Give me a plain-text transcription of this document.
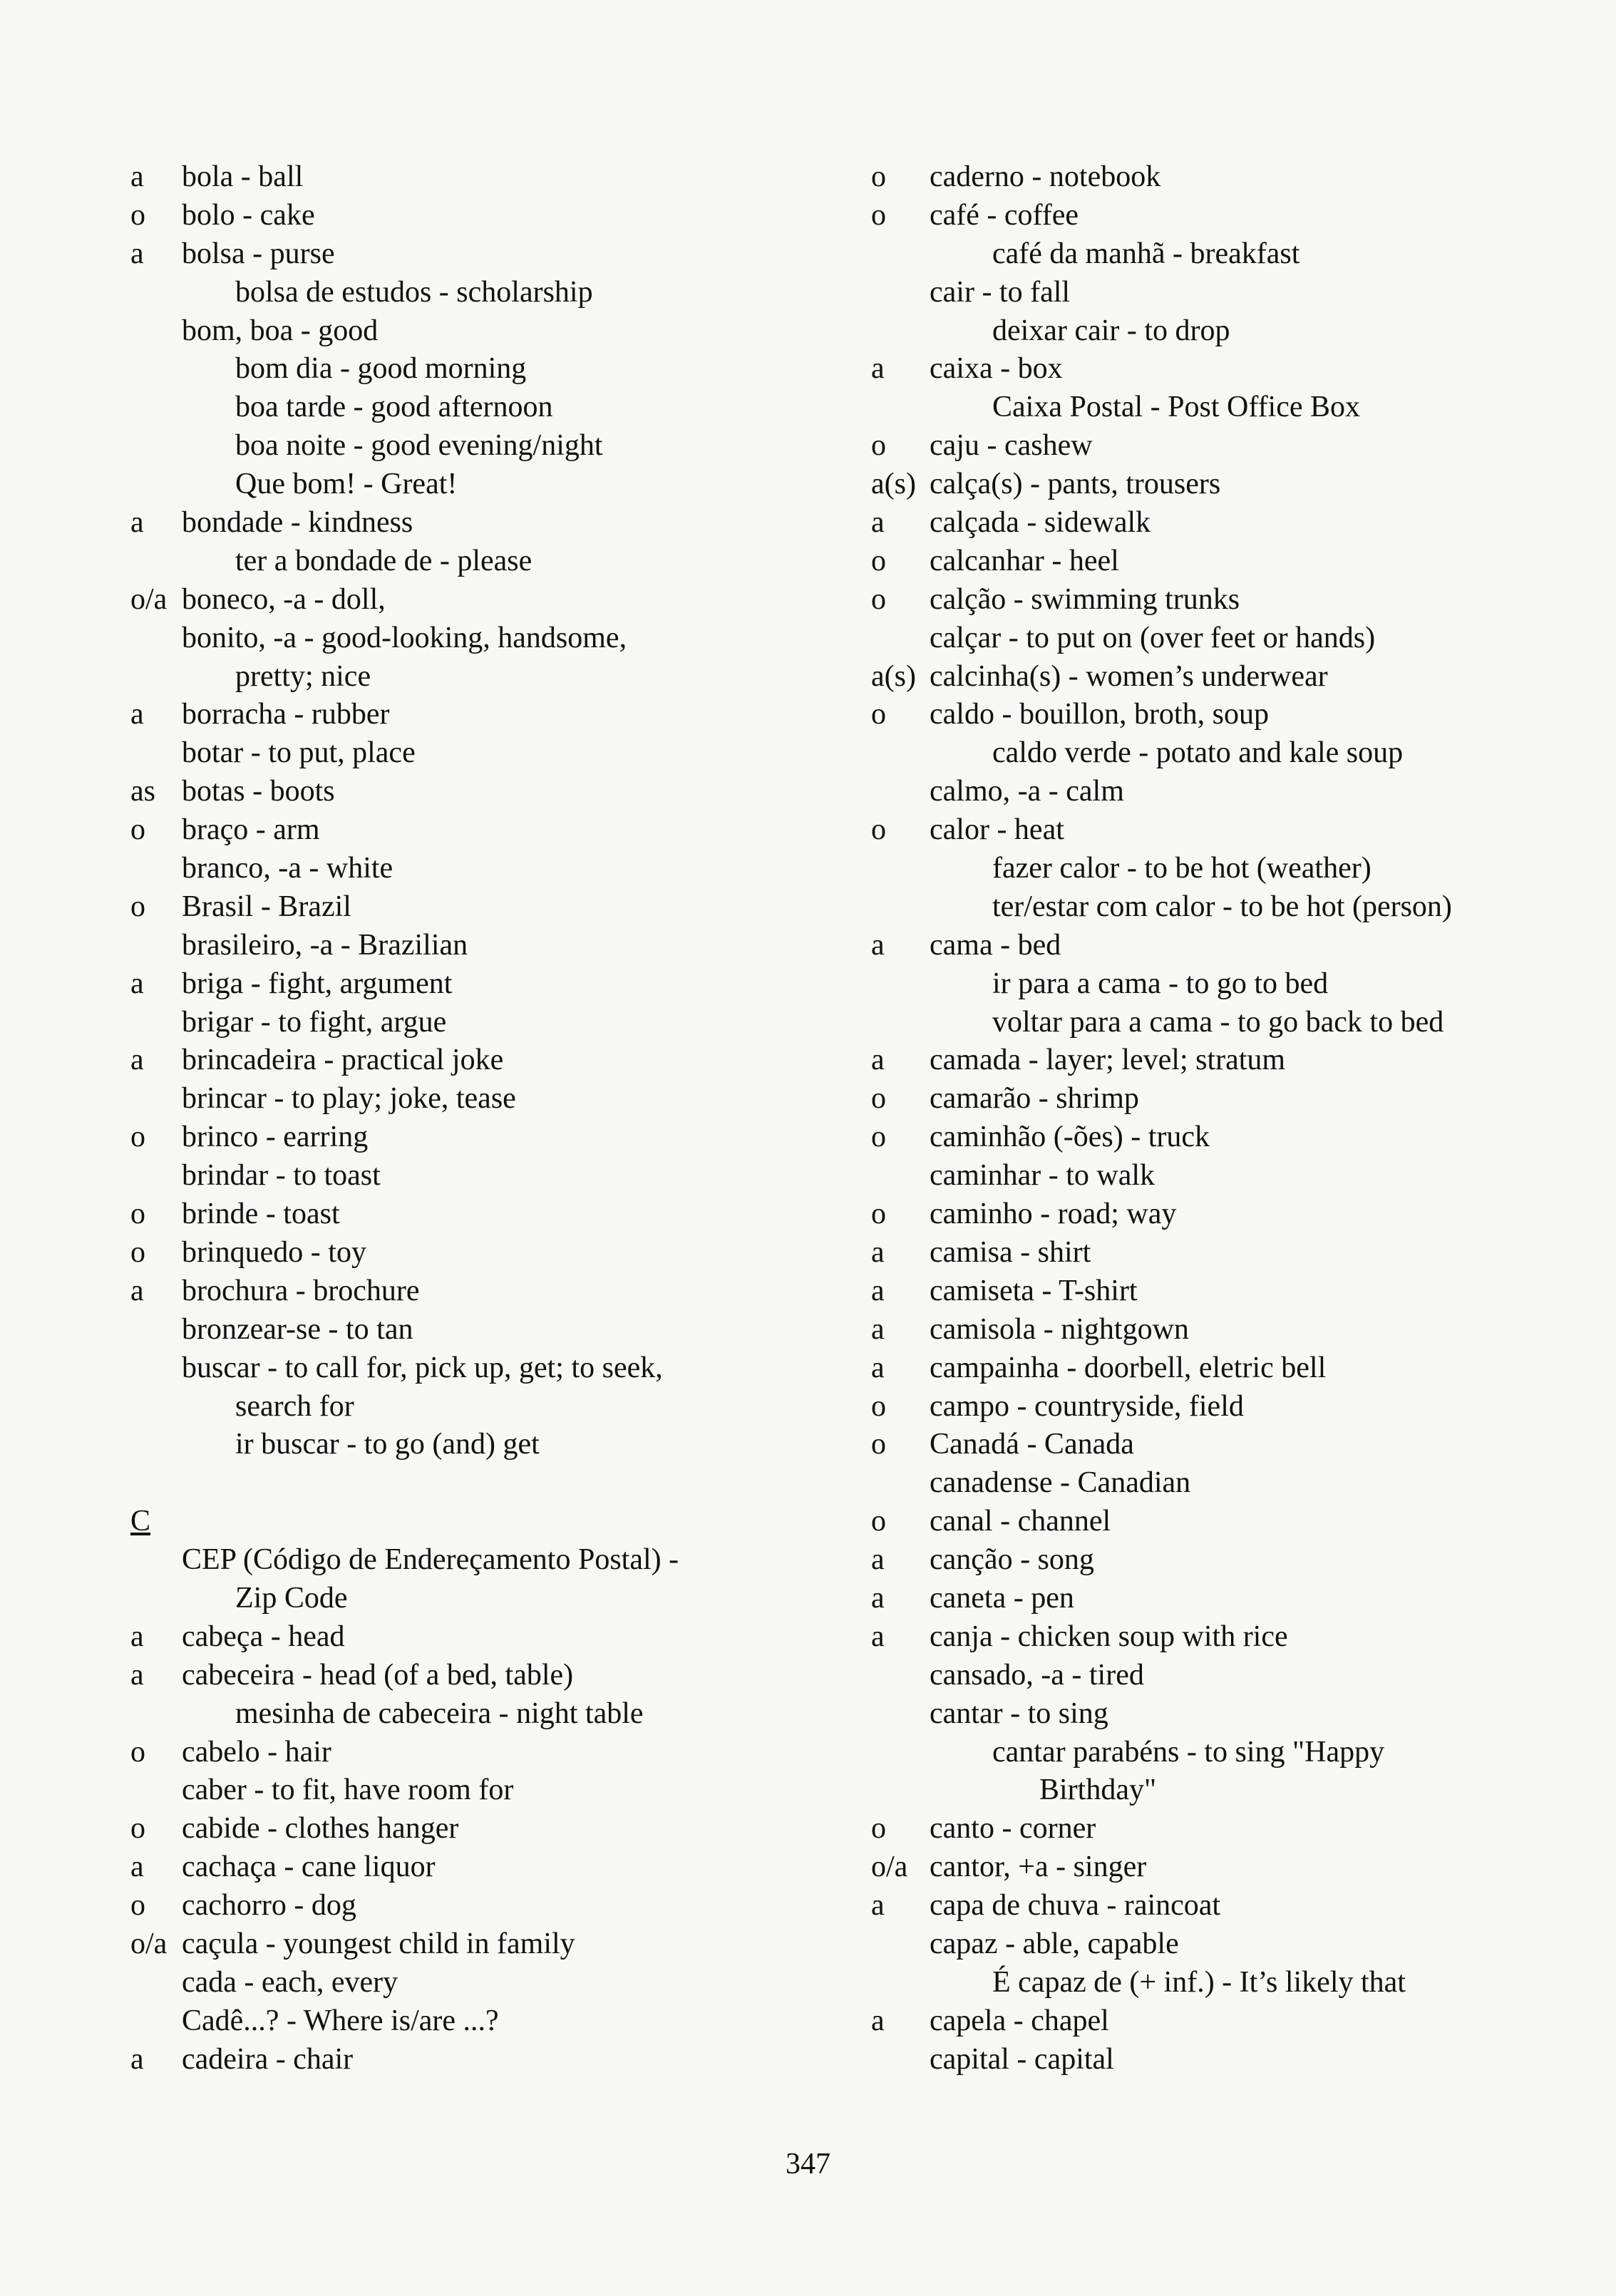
a bola - ball
o bolo - cake
a bolsa - purse
bolsa de estudos - scholarship
bom, boa - good
bom dia - good morning
boa tarde - good afternoon
boa noite - good evening/night
Que bom! - Great!
a bondade - kindness
ter a bondade de - please
o/a boneco, -a - doll,
bonito, -a - good-looking, handsome,
pretty; nice
a borracha - rubber
botar - to put, place
as botas - boots
o braço - arm
branco, -a - white
o Brasil - Brazil
brasileiro, -a - Brazilian
a briga - fight, argument
brigar - to fight, argue
a brincadeira - practical joke
brincar - to play; joke, tease
o brinco - earring
brindar - to toast
o brinde - toast
o brinquedo - toy
a brochura - brochure
bronzear-se - to tan
buscar - to call for, pick up, get; to seek,
search for
ir buscar - to go (and) get
C
CEP (Código de Endereçamento Postal) -
Zip Code
a cabeça - head
a cabeceira - head (of a bed, table)
mesinha de cabeceira - night table
o cabelo - hair
caber - to fit, have room for
o cabide - clothes hanger
a cachaça - cane liquor
o cachorro - dog
o/a caçula - youngest child in family
cada - each, every
Cadê...? - Where is/are ...?
a cadeira - chair
o caderno - notebook
o café - coffee
café da manhã - breakfast
cair - to fall
deixar cair - to drop
a caixa - box
Caixa Postal - Post Office Box
o caju - cashew
a(s) calça(s) - pants, trousers
a calçada - sidewalk
o calcanhar - heel
o calção - swimming trunks
calçar - to put on (over feet or hands)
a(s) calcinha(s) - women’s underwear
o caldo - bouillon, broth, soup
caldo verde - potato and kale soup
calmo, -a - calm
o calor - heat
fazer calor - to be hot (weather)
ter/estar com calor - to be hot (person)
a cama - bed
ir para a cama - to go to bed
voltar para a cama - to go back to bed
a camada - layer; level; stratum
o camarão - shrimp
o caminhão (-ões) - truck
caminhar - to walk
o caminho - road; way
a camisa - shirt
a camiseta - T-shirt
a camisola - nightgown
a campainha - doorbell, eletric bell
o campo - countryside, field
o Canadá - Canada
canadense - Canadian
o canal - channel
a canção - song
a caneta - pen
a canja - chicken soup with rice
cansado, -a - tired
cantar - to sing
cantar parabéns - to sing "Happy
Birthday"
o canto - corner
o/a cantor, +a - singer
a capa de chuva - raincoat
capaz - able, capable
É capaz de (+ inf.) - It’s likely that
a capela - chapel
capital - capital
347
